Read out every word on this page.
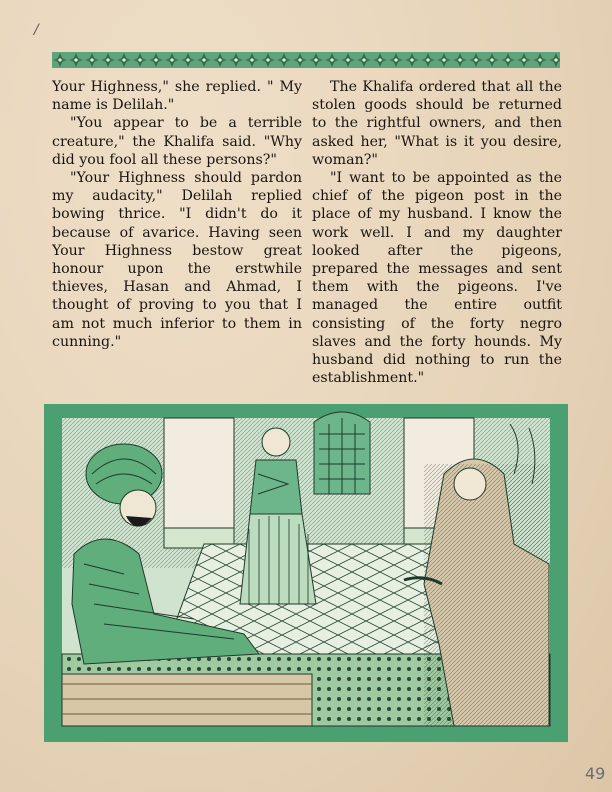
/

Your Highness," she replied. " My name is Delilah."

"You appear to be a terrible creature," the Khalifa said. "Why did you fool all these persons?"

"Your Highness should pardon my audacity," Delilah replied bowing thrice. "I didn't do it because of avarice. Having seen Your Highness bestow great honour upon the erstwhile thieves, Hasan and Ahmad, I thought of proving to you that I am not much inferior to them in cunning."

The Khalifa ordered that all the stolen goods should be returned to the rightful owners, and then asked her, "What is it you desire, woman?"

"I want to be appointed as the chief of the pigeon post in the place of my husband. I know the work well. I and my daughter looked after the pigeons, prepared the messages and sent them with the pigeons. I've managed the entire outfit consisting of the forty negro slaves and the forty hounds. My husband did nothing to run the establishment."

49
